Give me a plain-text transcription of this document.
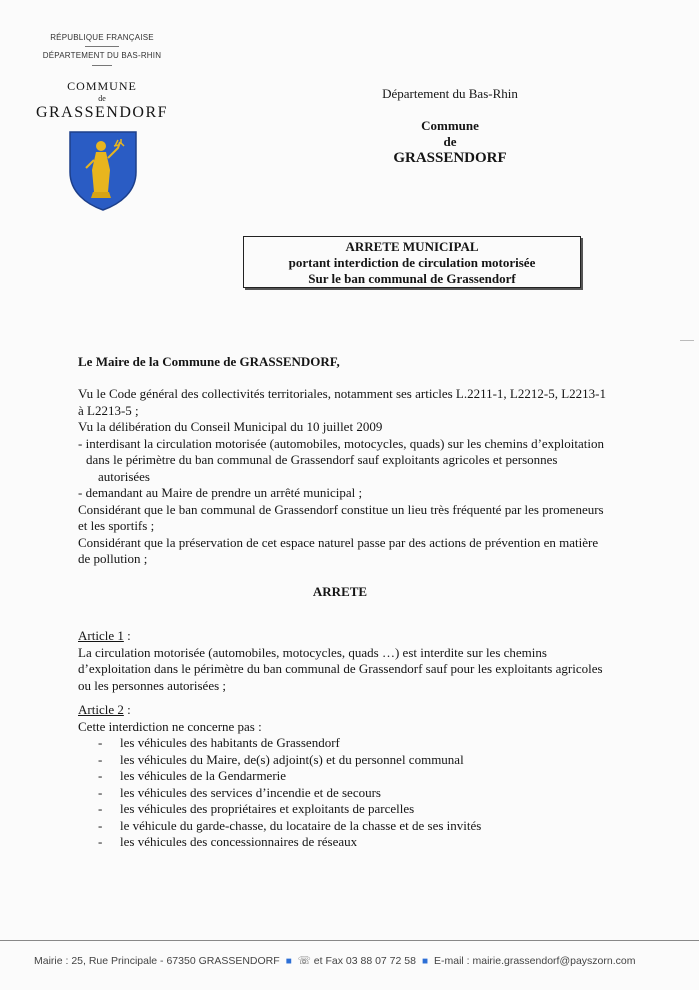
RÉPUBLIQUE FRANÇAISE
DÉPARTEMENT DU BAS-RHIN
COMMUNE
de
GRASSENDORF
Département du Bas-Rhin
Commune
de
GRASSENDORF
ARRETE MUNICIPAL
portant interdiction de circulation motorisée
Sur le ban communal de Grassendorf
Le Maire de la Commune de GRASSENDORF,
Vu le Code général des collectivités territoriales, notamment ses articles L.2211-1, L2212-5, L2213-1
à L2213-5 ;
Vu la délibération du Conseil Municipal du 10 juillet 2009
- interdisant la circulation motorisée (automobiles, motocycles, quads) sur les chemins d’exploitation
dans le périmètre du ban communal de Grassendorf sauf exploitants agricoles et personnes
autorisées
- demandant au Maire de prendre un arrêté municipal ;
Considérant que le ban communal de Grassendorf constitue un lieu très fréquenté par les promeneurs
et les sportifs ;
Considérant que la préservation de cet espace naturel passe par des actions de prévention en matière
de pollution ;
ARRETE
Article 1 :
La circulation motorisée (automobiles, motocycles, quads …) est interdite sur les chemins
d’exploitation dans le périmètre du ban communal de Grassendorf sauf pour les exploitants agricoles
ou les personnes autorisées ;
Article 2 :
Cette interdiction ne concerne pas :
- les véhicules des habitants de Grassendorf
- les véhicules du Maire, de(s) adjoint(s) et du personnel communal
- les véhicules de la Gendarmerie
- les véhicules des services d’incendie et de secours
- les véhicules des propriétaires et exploitants de parcelles
- le véhicule du garde-chasse, du locataire de la chasse et de ses invités
- les véhicules des concessionnaires de réseaux
Mairie : 25, Rue Principale - 67350 GRASSENDORF ■ ☏ et Fax 03 88 07 72 58 ■ E-mail : mairie.grassendorf@payszorn.com
